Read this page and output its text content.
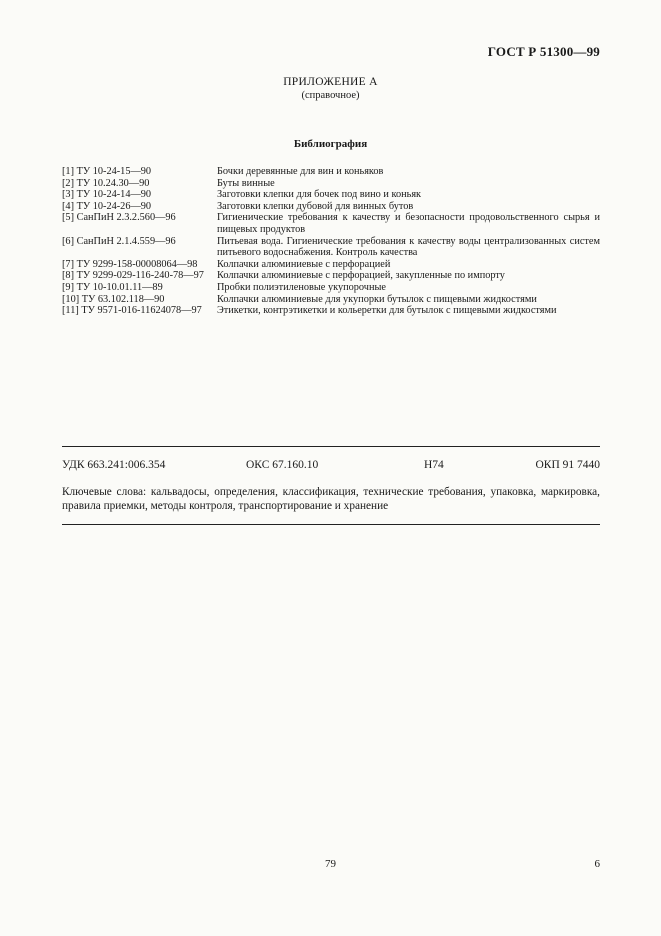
ГОСТ Р 51300—99
ПРИЛОЖЕНИЕ А
(справочное)
Библиография
[1] ТУ 10-24-15—90	Бочки деревянные для вин и коньяков
[2] ТУ 10.24.30—90	Буты винные
[3] ТУ 10-24-14—90	Заготовки клепки для бочек под вино и коньяк
[4] ТУ 10-24-26—90	Заготовки клепки дубовой для винных бутов
[5] СанПиН 2.3.2.560—96	Гигиенические требования к качеству и безопасности продовольственного сырья и пищевых продуктов
[6] СанПиН 2.1.4.559—96	Питьевая вода. Гигиенические требования к качеству воды централизованных систем питьевого водоснабжения. Контроль качества
[7] ТУ 9299-158-00008064—98	Колпачки алюминиевые с перфорацией
[8] ТУ 9299-029-116-240-78—97	Колпачки алюминиевые с перфорацией, закупленные по импорту
[9] ТУ 10-10.01.11—89	Пробки полиэтиленовые укупорочные
[10] ТУ 63.102.118—90	Колпачки алюминиевые для укупорки бутылок с пищевыми жидкостями
[11] ТУ 9571-016-11624078—97	Этикетки, контрэтикетки и кольеретки для бутылок с пищевыми жидкостями
УДК 663.241:006.354	ОКС 67.160.10	Н74	ОКП 91 7440
Ключевые слова: кальвадосы, определения, классификация, технические требования, упаковка, маркировка, правила приемки, методы контроля, транспортирование и хранение
79	6
